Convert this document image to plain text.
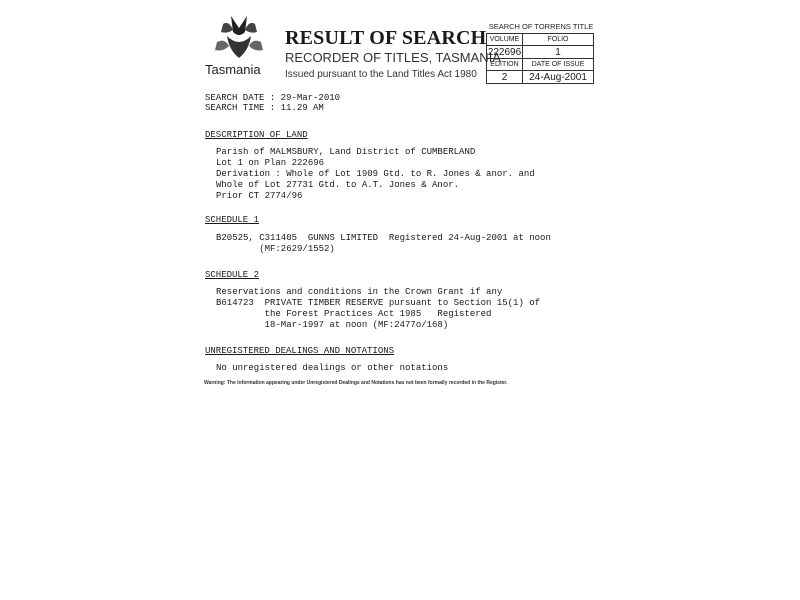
Tasmania
RESULT OF SEARCH
RECORDER OF TITLES, TASMANIA
Issued pursuant to the Land Titles Act 1980
SEARCH OF TORRENS TITLE
VOLUME	FOLIO
222696	1
EDITION	DATE OF ISSUE
2	24-Aug-2001
SEARCH DATE : 29-Mar-2010
SEARCH TIME : 11.29 AM
DESCRIPTION OF LAND
Parish of MALMSBURY, Land District of CUMBERLAND
Lot 1 on Plan 222696
Derivation : Whole of Lot 1909 Gtd. to R. Jones & anor. and
Whole of Lot 27731 Gtd. to A.T. Jones & Anor.
Prior CT 2774/96
SCHEDULE 1
B20525, C311405  GUNNS LIMITED  Registered 24-Aug-2001 at noon
(MF:2629/1552)
SCHEDULE 2
Reservations and conditions in the Crown Grant if any
B614723  PRIVATE TIMBER RESERVE pursuant to Section 15(1) of
the Forest Practices Act 1985   Registered
18-Mar-1997 at noon (MF:2477o/168)
UNREGISTERED DEALINGS AND NOTATIONS
No unregistered dealings or other notations
Warning: The information appearing under Unregistered Dealings and Notations has not been formally recorded in the Register.
